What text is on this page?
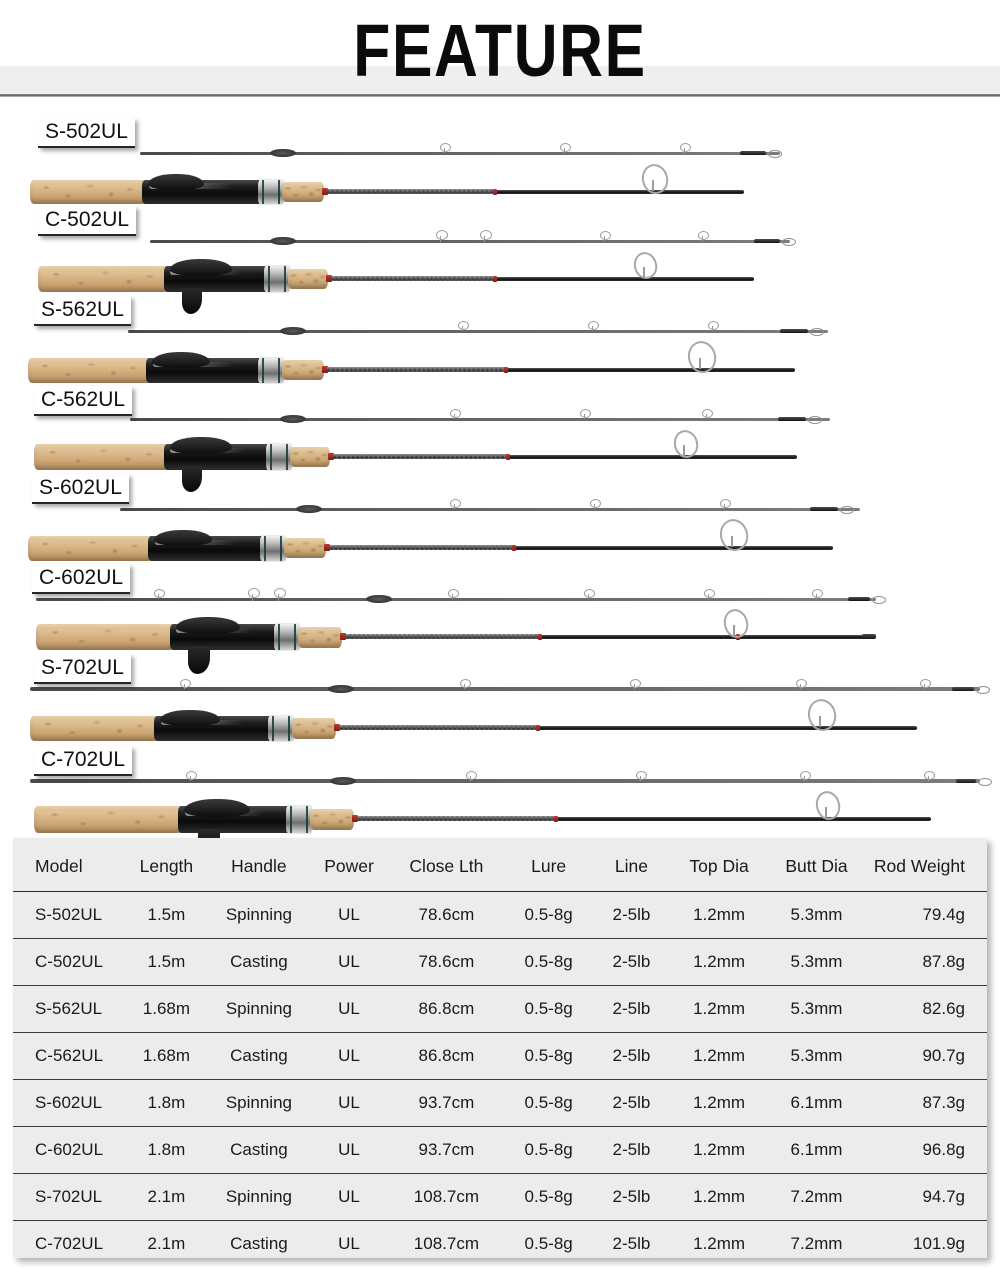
FEATURE
S-502UL
C-502UL
S-562UL
C-562UL
S-602UL
C-602UL
S-702UL
C-702UL
Model	Length	Handle	Power	Close Lth	Lure	Line	Top Dia	Butt Dia	Rod Weight
S-502UL	1.5m	Spinning	UL	78.6cm	0.5-8g	2-5lb	1.2mm	5.3mm	79.4g
C-502UL	1.5m	Casting	UL	78.6cm	0.5-8g	2-5lb	1.2mm	5.3mm	87.8g
S-562UL	1.68m	Spinning	UL	86.8cm	0.5-8g	2-5lb	1.2mm	5.3mm	82.6g
C-562UL	1.68m	Casting	UL	86.8cm	0.5-8g	2-5lb	1.2mm	5.3mm	90.7g
S-602UL	1.8m	Spinning	UL	93.7cm	0.5-8g	2-5lb	1.2mm	6.1mm	87.3g
C-602UL	1.8m	Casting	UL	93.7cm	0.5-8g	2-5lb	1.2mm	6.1mm	96.8g
S-702UL	2.1m	Spinning	UL	108.7cm	0.5-8g	2-5lb	1.2mm	7.2mm	94.7g
C-702UL	2.1m	Casting	UL	108.7cm	0.5-8g	2-5lb	1.2mm	7.2mm	101.9g
